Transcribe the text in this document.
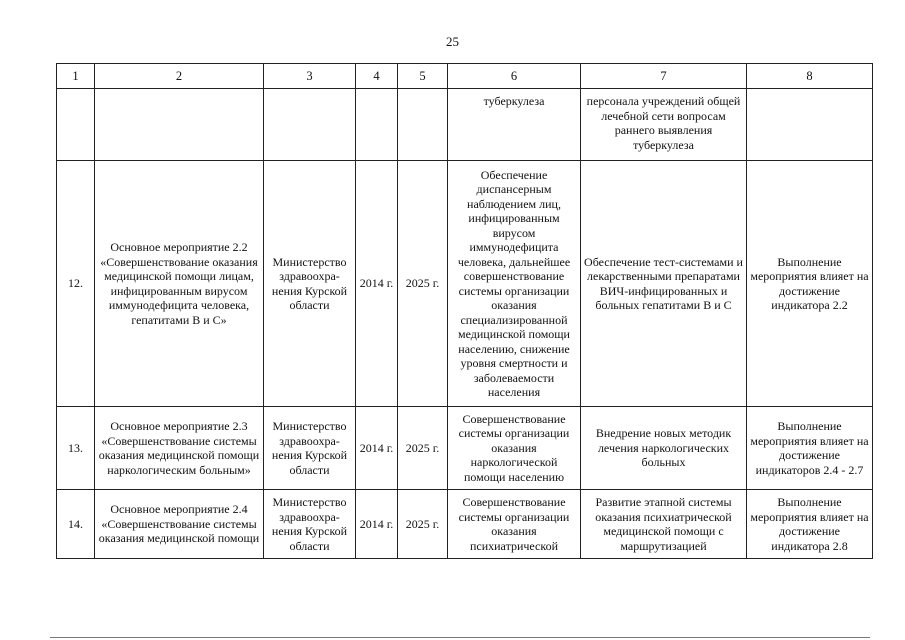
25
1	2	3	4	5	6	7	8
					туберкулеза	персонала учреждений общей лечебной сети вопросам раннего выявления туберкулеза	
12.	Основное мероприятие 2.2 «Совершенствование оказания медицинской помощи лицам, инфицированным вирусом иммунодефицита человека, гепатитами В и С»	Министерство здравоохра-нения Курской области	2014 г.	2025 г.	Обеспечение диспансерным наблюдением лиц, инфицированным вирусом иммунодефицита человека, дальнейшее совершенствование системы организации оказания специализированной медицинской помощи населению, снижение уровня смертности и заболеваемости населения	Обеспечение тест-системами и лекарственными препаратами ВИЧ-инфицированных и больных гепатитами В и С	Выполнение мероприятия влияет на достижение индикатора 2.2
13.	Основное мероприятие 2.3 «Совершенствование системы оказания медицинской помощи наркологическим больным»	Министерство здравоохра-нения Курской области	2014 г.	2025 г.	Совершенствование системы организации оказания наркологической помощи населению	Внедрение новых методик лечения наркологических больных	Выполнение мероприятия влияет на достижение индикаторов 2.4 - 2.7
14.	Основное мероприятие 2.4 «Совершенствование системы оказания медицинской помощи	Министерство здравоохра-нения Курской области	2014 г.	2025 г.	Совершенствование системы организации оказания психиатрической	Развитие этапной системы оказания психиатрической медицинской помощи с маршрутизацией	Выполнение мероприятия влияет на достижение индикатора 2.8
